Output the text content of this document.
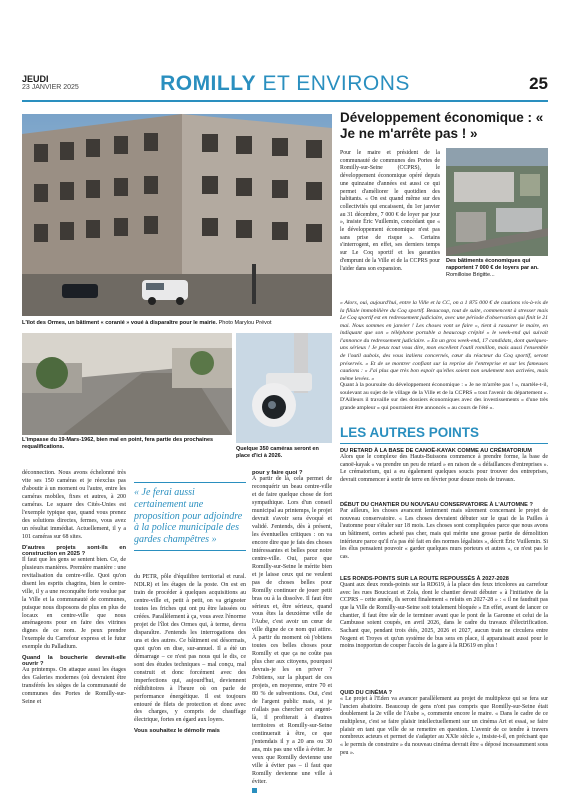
JEUDI
23 JANVIER 2025	ROMILLY ET ENVIRONS	25
L'îlot des Ormes, un bâtiment « coranié » voué à disparaître pour le mairie. Photo Marylou Prévot
L'impasse du 19-Mars-1962, bien mal en point, fera partie des prochaines requalifications.	Quelque 350 caméras seront en place d'ici à 2026.
Développement économique : « Je ne m'arrête pas ! »
Pour le maire et président de la communauté de communes des Portes de Romilly-sur-Seine (CCPRS), le développement économique opéré depuis une quinzaine d'années est aussi ce qui permet d'améliorer le quotidien des habitants. « On est quand même sur des collectivités qui encaissent, du 1er janvier au 31 décembre, 7 000 € de loyer par jour », insiste Éric Vuillemin, concédant que « le développement économique n'est pas sans prise de risque ». Certains s'interrogent, en effet, ses derniers temps sur Le Coq sportif et les garanties d'emprunt de la Ville et de la CCPRS pour l'aider dans son expansion.
Des bâtiments économiques qui rapportent 7 000 € de loyers par an. Romilloise Brigitte...
« Alors, oui, aujourd'hui, entre la Ville et la CC, on a 1 875 000 € de cautions vis-à-vis de la filiale immobilière du Coq sportif. Beaucoup, tout de suite, commencent à stresser mais Le Coq sportif est en redressement judiciaire, avec une période d'observation qui finit le 21 mai. Nous sommes en janvier ! Les choses vont se faire », tient à rassurer le maire, en indiquant que son « téléphone portable a beaucoup crépité » le week-end qui suivait l'annonce du redressement judiciaire. « En un gros week-end, 17 candidats, dont quelques-uns sérieux ! Je peux tout vous dire, mon excellent l'outil romillon, mais aussi l'ensemble de l'outil auboix, des vous italiens concernés, cœur du réacteur du Coq sportif, seront préservés. » Et de se montrer confiant sur la reprise de l'entreprise et sur les fameuses cautions : « J'ai plus que très bon espoir qu'elles soient non seulement non activées, mais même levées. »
Quant à la poursuite du développement économique : « Je ne m'arrête pas ! », martèle-t-il, soulevant au sujet de le village de la Ville et de la CCPRS « tout l'avenir du département ». D'Ailleurs il travaille sur des dossiers économiques avec des investissements « d'une très grande ampleur » qui pourraient être annoncés « au cours de l'été ».
LES AUTRES POINTS
DU RETARD À LA BASE DE CANOË-KAYAK COMME AU CRÉMATORIUM
Alors que le complexe des Hauts-Buissons commence à prendre forme, la base de canoë-kayak « va prendre un peu de retard » en raison de « défaillances d'entreprises ». Le crématorium, qui a eu également quelques soucis pour trouver des entreprises, devrait commencer à sortir de terre en février pour douze mois de travaux.
DÉBUT DU CHANTIER DU NOUVEAU CONSERVATOIRE À L'AUTOMNE ?
Par ailleurs, les choses avancent lentement mais sûrement concernant le projet de nouveau conservatoire. « Les choses devraient débuter sur le quai de la Pailles à l'automne pour s'étaler sur 18 mois. Les choses sont compliquées parce que nous avons un bâtiment, certes acheté pas cher, mais qui mérite une grosse partie de démolition intérieure parce qu'il n'a pas été fait en des normes légalistes », décrit Éric Vuillemin. Si les élus pensaient pouvoir « garder quelques murs porteurs et autres », ce n'est pas le cas.
LES RONDS-POINTS SUR LA ROUTE REPOUSSÉS À 2027-2028
Quant aux deux ronds-points sur la RD619, à la place des feux tricolores au carrefour avec les rues Boucicaut et Zola, dont le chantier devait débuter « à l'initiative de la CCPRS – cette année, ils seront finalement « refaits en 2027-28 » : « il ne faudrait pas que la Ville de Romilly-sur-Seine soit totalement bloquée » En effet, avant de lancer ce chantier, il faut être sûr de le terminer avant que le pont de la Garonne et celui de la Cambusse soient coupés, en avril 2026, dans le cadre du travaux d'électrification. Sachant que, pendant trois étés, 2025, 2026 et 2027, aucun train ne circulera entre Nogent et Troyes et qu'un système de bus sera en place, il apparaissait aussi pour le moins inopportun de couper l'accès de la gare à la RD619 en plus !
QUID DU CINÉMA ?
« Le projet à l'Eden va avancer parallèlement au projet de multiplexe qui se fera sur l'ancien abattoire. Beaucoup de gens n'ont pas compris que Romilly-sur-Seine était doublement la 2e ville de l'Aube », commente encore le maire. « Dans le cadre de ce multiplexe, c'est se faire plaisir intellectuellement sur un cinéma Art et essai, se faire plaisir en tant que ville de se remettre en question. L'avenir de ce tendre à travers nombreux acteurs et permet de s'adapter au XXIe siècle », insiste-t-il, en précisant que « le permis de construire » du nouveau cinéma devrait être « déposé incessamment sous peu ».

déconnection. Nous avons échelonné très vite ses 150 caméras et je réexclus pas d'aboutir à un moment ou l'autre, entre les caméras mobiles, fixes et autres, à 200 caméras. Le square des Cités-Unies est l'exemple typique que, quand vous prenez des solutions directes, fermes, vous avez un résultat immédiat. Actuellement, il y a 101 caméras sur 68 sites.

D'autres projets sont-ils en construction en 2025 ?

Il faut que les gens se sentent bien. Ce, de plusieurs manières. Première manière : une revitalisation du centre-ville. Quoi qu'on disent les esprits chagrins, bien le centre-ville, il y a une reconquête forte voulue par la Ville et la communauté de communes, puisque nous disposons de plus en plus de locaux en centre-ville que nous aménageons pour en faire des vitrines dignes de ce nom. Je peux prendre l'exemple du Carrefour express et le futur exemple du Palladium.

Quand la boucherie devrait-elle ouvrir ?

Au printemps. On attaque aussi les étages des Galeries modernes (où devraient être transférés les sièges de la communauté de communes des Portes de Romilly-sur-Seine et

« Je ferai aussi certainement une proposition pour adjoindre à la police municipale des gardes champêtres »

du PETR, pôle d'équilibre territorial et rural. NDLR) et les étages de la poste. On est en train de procéder à quelques acquisitions au centre-ville et, petit à petit, on va grignoter toutes les friches qui ont pu être laissées ou créées. Parallèlement à ça, vous avez l'énorme projet de l'îlot des Ormes qui, à terme, devra disparaître. J'entends les interrogations des uns et des autres. Ce bâtiment est désormais, quoi qu'on en dise, sur-annuel. Il a été un démarrage – ce n'est pas nous qui le dis, ce sont des études techniques – mal conçu, mal construit et donc forcément avec des imperfections qui, aujourd'hui, deviennent rédhibitoires à l'heure où on parle de performance énergétique. Il est toujours entouré de filets de protection et donc avec des charges, y compris de chauffage électrique, fortes en égard aux loyers.

Vous souhaitez le démolir mais
pour y faire quoi ?

À partir de là, cela permet de reconquérir un beau centre-ville et de faire quelque chose de fort sympathique. Lors d'un conseil municipal au printemps, le projet devrait s'avoir sera évoqué et validé. J'entends, dès à présent, les éventuelles critiques : on va encore dire que je fais des choses intéressantes et belles pour notre centre-ville. Oui, parce que Romilly-sur-Seine le mérite bien et je laisse ceux qui ne veulent pas de choses belles pour Romilly continuer de jouer petit bras ou à la dissolve. Il faut être sérieux et, être sérieux, quand vous êtes la deuxième ville de l'Aube, c'est avoir un cœur de ville digne de ce nom qui attire. À partir du moment où j'obtiens toutes ces belles choses pour Romilly et que ça ne coûte pas plus cher aux citoyens, pourquoi devrais-je les en priver ? J'obtiens, sur la plupart de ces projets, en moyenne, entre 70 et 80 % de subventions. Oui, c'est de l'argent public mais, si je n'allais pas chercher cet argent-là, il profiterait à d'autres territoires et Romilly-sur-Seine continuerait à être, ce que j'entendais il y a 20 ans ou 30 ans, mis pas une ville à éviter. Je veux que Romilly devienne une ville à éviter pas – il faut que Romilly devienne une ville à éviter.
